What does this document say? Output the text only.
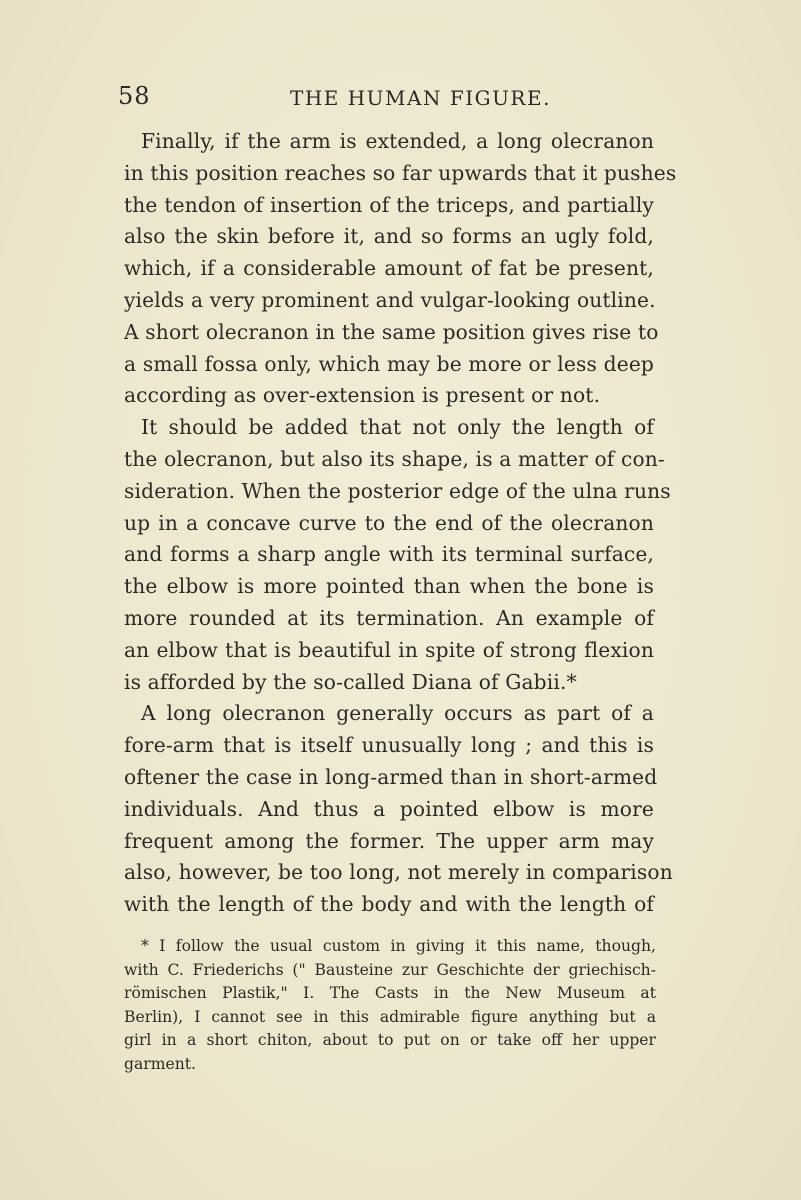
58	THE HUMAN FIGURE.
Finally, if the arm is extended, a long olecranon
in this position reaches so far upwards that it pushes
the tendon of insertion of the triceps, and partially
also the skin before it, and so forms an ugly fold,
which, if a considerable amount of fat be present,
yields a very prominent and vulgar-looking outline.
A short olecranon in the same position gives rise to
a small fossa only, which may be more or less deep
according as over-extension is present or not.
It should be added that not only the length of
the olecranon, but also its shape, is a matter of con-
sideration. When the posterior edge of the ulna runs
up in a concave curve to the end of the olecranon
and forms a sharp angle with its terminal surface,
the elbow is more pointed than when the bone is
more rounded at its termination. An example of
an elbow that is beautiful in spite of strong flexion
is afforded by the so-called Diana of Gabii.*
A long olecranon generally occurs as part of a
fore-arm that is itself unusually long ; and this is
oftener the case in long-armed than in short-armed
individuals. And thus a pointed elbow is more
frequent among the former. The upper arm may
also, however, be too long, not merely in comparison
with the length of the body and with the length of
* I follow the usual custom in giving it this name, though,
with C. Friederichs (" Bausteine zur Geschichte der griechisch-
römischen Plastik," I. The Casts in the New Museum at
Berlin), I cannot see in this admirable figure anything but a
girl in a short chiton, about to put on or take off her upper
garment.
